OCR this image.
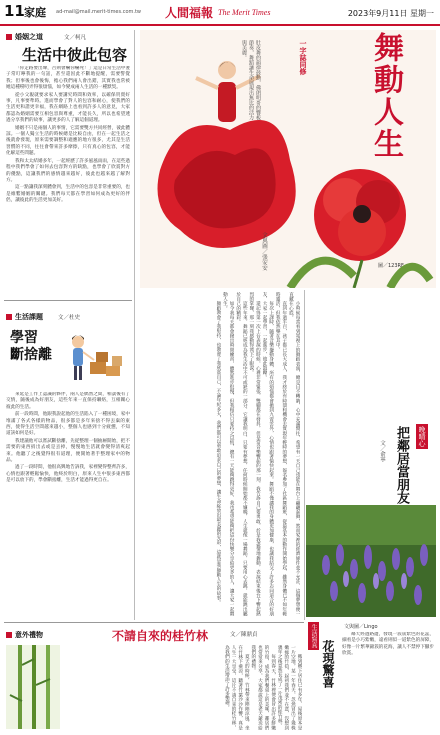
11 家庭 ad-mail@mail.merit-times.com.tw 人間福報 The Merit Times	2023年9月11日 星期一
婚姻之道	文／柯凡
生活中彼此包容

「你走路要出聲，否則會嚇你嚇死！」這是日常生活中妻子常叮嚀我的一句話，甚至還因此不斷地提醒，需要警覺我；但事後也會後悔，擔心我們兩人會出錯，其實我也常被她這種嘮叨弄得很煩惱，如今變成兩人生活的一種默契。

從小父親就要求家人要講究時間和效率，以確保買賣好事，凡事要準時。進而學會了對人的包容和耐心，使我們的生活更和諧更幸福，我在網路上也看到許多人的意見，大家都認為婚姻需要互相包容與尊重，才能長久，所以也希望透過分享我們的故事，讓更多的人了解這個道理。

婚姻不只是兩個人的事情，它需要雙方共同經營，彼此體諒。一個人獨立生活的時候總是比較自由，但在一起生活之後就會發現，原來需要調整和適應的地方很多，尤其是生活習慣的不同，往往會帶來許多摩擦，只有真心的包容，才能化解這些問題。

我和太太結婚多年，一起經歷了許多風風雨雨，在這些過程中我們學會了如何去包容對方的缺點，也學會了欣賞對方的優點，這讓我們的感情越來越好，彼此也越來越了解對方。

這一點讓我深刻體會到，生活中的包容是非常重要的，也是維繫婚姻的關鍵。我們每天都在學習如何成為更好的伴侶，讓彼此的生活更加美好。

生活課題	文／杜史
學習
斷捨離

來延是工作上認識的夥伴，兩人是偶然之間，相談後有了交情，隨後成為好朋友，這些年來一直保持聯絡，互相關心彼此的生活。

前一段時間，他跟我說起他的生活陷入了一種困境，家中堆滿了各式各樣的物品，很多都是多年來捨不得丟棄的東西，使得生活空間越來越小，整個人也感到十分疲憊，不知道該如何是好。

我建議他可以嘗試斷捨離，先從整理一個抽屜開始，把不需要的東西捐出去或是丟掉，慢慢地生活就會變得清爽起來。他聽了之後覺得很有道理，便開始著手整理家中的物品。

過了一段時間，他很高興地告訴我，家裡變得整齊許多，心情也跟著輕鬆愉快，他終於明白，原來人生中很多東西都是可以放下的，學會斷捨離，生活才能過得更自在。

舞動人生
一字誌同修
肚皮舞的韻律鼓動，佛朗明哥的響板節奏，舞蹈讓生命展現出無比的活力與美麗。
文與圖／張安安	圖／123RF

小時候每當看到電視上的舞蹈表演，總是目不轉睛，心中充滿嚮往，希望有一天自己也能在舞台上翩翩起舞，然而家裡的經濟條件並不允許，這個夢想便一直藏在心底。

直到年過半百，孩子都已長大成人，我才終於有時間和機會去實現年輕時的夢想，報名參加了社區舞蹈班，從最基本的動作開始學起，雖然身體已不如年輕時靈活，但我依然樂在其中。

每次上課時，隨著音樂擺動身體，所有的煩惱都會拋到九霄雲外，心情也跟著愉快起來。舞蹈不僅讓我的身體更加健康，也讓我結交了許多志同道合的好朋友，大家一起學習，一起進步，彼此鼓勵。

還記得第一次上台表演的時候，心裡非常緊張，雙腳都在發抖，但是當音樂響起的那一刻，我告訴自己要勇敢，於是我盡情地舞動，表演結束後台下響起熱烈的掌聲，那一刻我感動得流下了眼淚。

這些年來，舞蹈已經成為我生活中不可或缺的一部分，它讓我明白，只要有夢想，任何時候開始都不嫌晚，人生就像一場舞蹈，只要用心去跳，就能跳出屬於自己的精彩。

如今我每天都會撥出時間練習，雖然進步很慢，但我相信只要持之以恆，總有一天能夠跳得更好，我也希望能夠把這份快樂分享給更多的人，讓大家一起舞動人生。

舞蹈教會了我堅持，也教會了我欣賞自己，不論年紀多大，我們都可以勇敢追求自己的夢想，讓生命綻放出最美麗的光彩，這就是我舞動人生的故事。	晚晴心
把鄰居當朋友
文／俞寧
生活寫真
花現驚喜
文與圖／Lingo

鄰天經過路邊，發現一簇簇紫色的花蕊，細看是小巧紫嫩，遠看則似一道紫色的屏障，好像一片繁華錦簇的花海，讓人不禁停下腳步欣賞。

意外禮物	不請自來的桂竹林	文／陳鼎貞

搬到鄉下居住已有多年，屋後原本是一片空地，某一年春天，忽然冒出了幾株嫩綠的竹筍，起初我們並不在意，沒想到幾年之後竟然長成了一片茂密的桂竹林。

每到春天，竹林裡便會冒出許多鮮嫩的竹筍，成為我們餐桌上的美味，鄰居們也常常來分享，大家都說這是老天爺送給我們的禮物。

夏天的時候，竹林帶來陣陣涼風，坐在竹林下乘涼，聽著竹葉沙沙作響，真是人生一大享受，這片不請自來的桂竹林，為我們的生活增添了許多樂趣。
